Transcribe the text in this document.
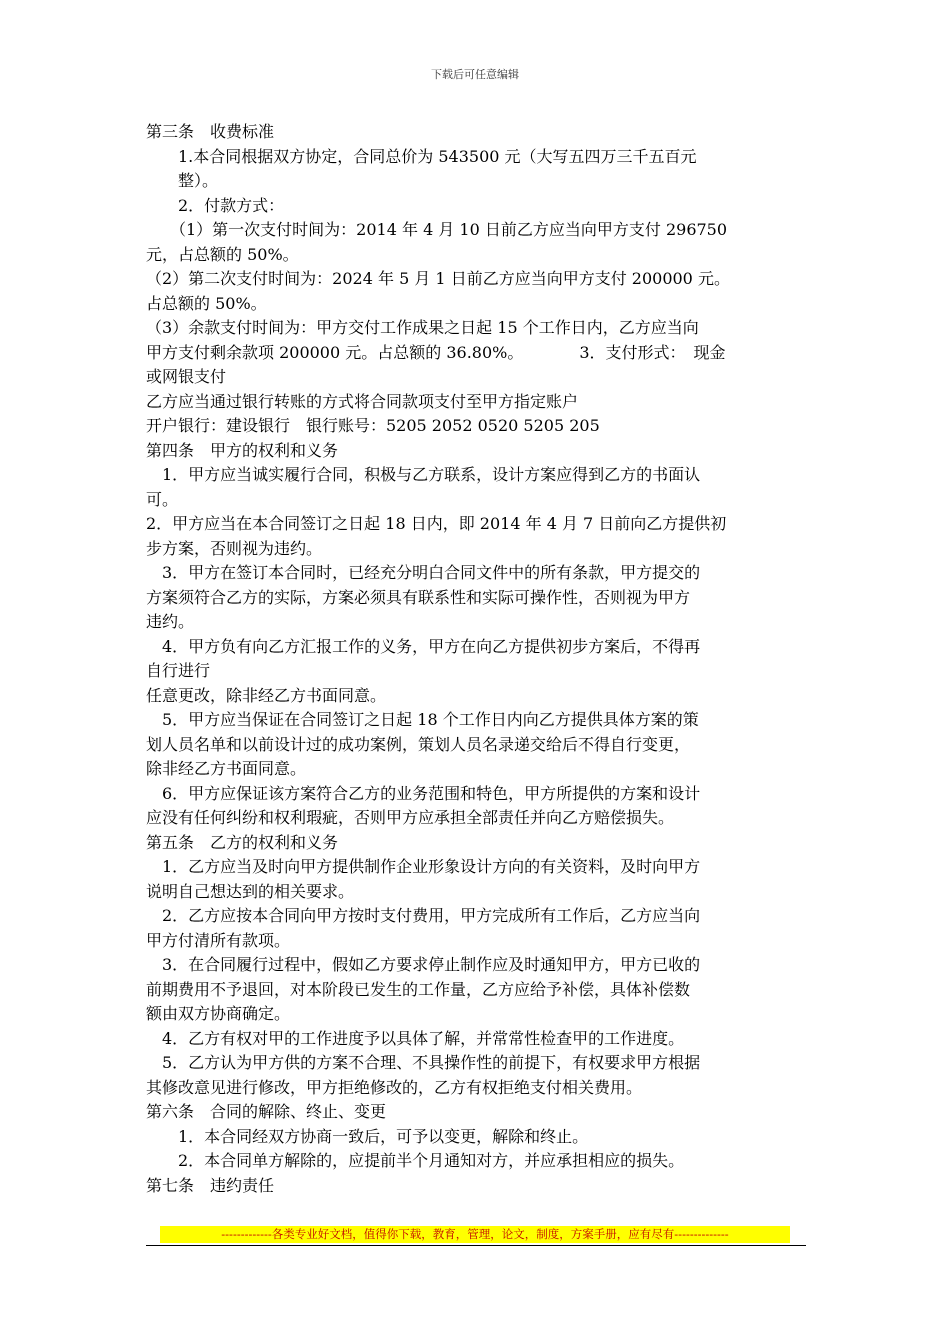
下载后可任意编辑
第三条　收费标准
　　1.本合同根据双方协定，合同总价为 543500 元（大写五四万三千五百元
　　整）。
　　2．付款方式：
　　（1）第一次支付时间为：2014 年 4 月 10 日前乙方应当向甲方支付 296750
元，占总额的 50%。
（2）第二次支付时间为：2024 年 5 月 1 日前乙方应当向甲方支付 200000 元。
占总额的 50%。
（3）余款支付时间为：甲方交付工作成果之日起 15 个工作日内，乙方应当向
甲方支付剩余款项 200000 元。占总额的 36.80%。　　　　3．支付形式：　现金
或网银支付
乙方应当通过银行转账的方式将合同款项支付至甲方指定账户
开户银行：建设银行　银行账号：5205 2052 0520 5205 205
第四条　甲方的权利和义务
　1．甲方应当诚实履行合同，积极与乙方联系，设计方案应得到乙方的书面认
可。
2．甲方应当在本合同签订之日起 18 日内，即 2014 年 4 月 7 日前向乙方提供初
步方案，否则视为违约。
　3．甲方在签订本合同时，已经充分明白合同文件中的所有条款，甲方提交的
方案须符合乙方的实际，方案必须具有联系性和实际可操作性，否则视为甲方
违约。
　4．甲方负有向乙方汇报工作的义务，甲方在向乙方提供初步方案后，不得再
自行进行
任意更改，除非经乙方书面同意。
　5．甲方应当保证在合同签订之日起 18 个工作日内向乙方提供具体方案的策
划人员名单和以前设计过的成功案例，策划人员名录递交给后不得自行变更，
除非经乙方书面同意。
　6．甲方应保证该方案符合乙方的业务范围和特色，甲方所提供的方案和设计
应没有任何纠纷和权利瑕疵，否则甲方应承担全部责任并向乙方赔偿损失。
第五条　乙方的权利和义务
　1．乙方应当及时向甲方提供制作企业形象设计方向的有关资料，及时向甲方
说明自己想达到的相关要求。
　2．乙方应按本合同向甲方按时支付费用，甲方完成所有工作后，乙方应当向
甲方付清所有款项。
　3．在合同履行过程中，假如乙方要求停止制作应及时通知甲方，甲方已收的
前期费用不予退回，对本阶段已发生的工作量，乙方应给予补偿，具体补偿数
额由双方协商确定。
　4．乙方有权对甲的工作进度予以具体了解，并常常性检查甲的工作进度。
　5．乙方认为甲方供的方案不合理、不具操作性的前提下，有权要求甲方根据
其修改意见进行修改，甲方拒绝修改的，乙方有权拒绝支付相关费用。
第六条　合同的解除、终止、变更
　　1．本合同经双方协商一致后，可予以变更，解除和终止。
　　2．本合同单方解除的，应提前半个月通知对方，并应承担相应的损失。
第七条　违约责任
-------------各类专业好文档，值得你下载，教育，管理，论文，制度，方案手册，应有尽有--------------
